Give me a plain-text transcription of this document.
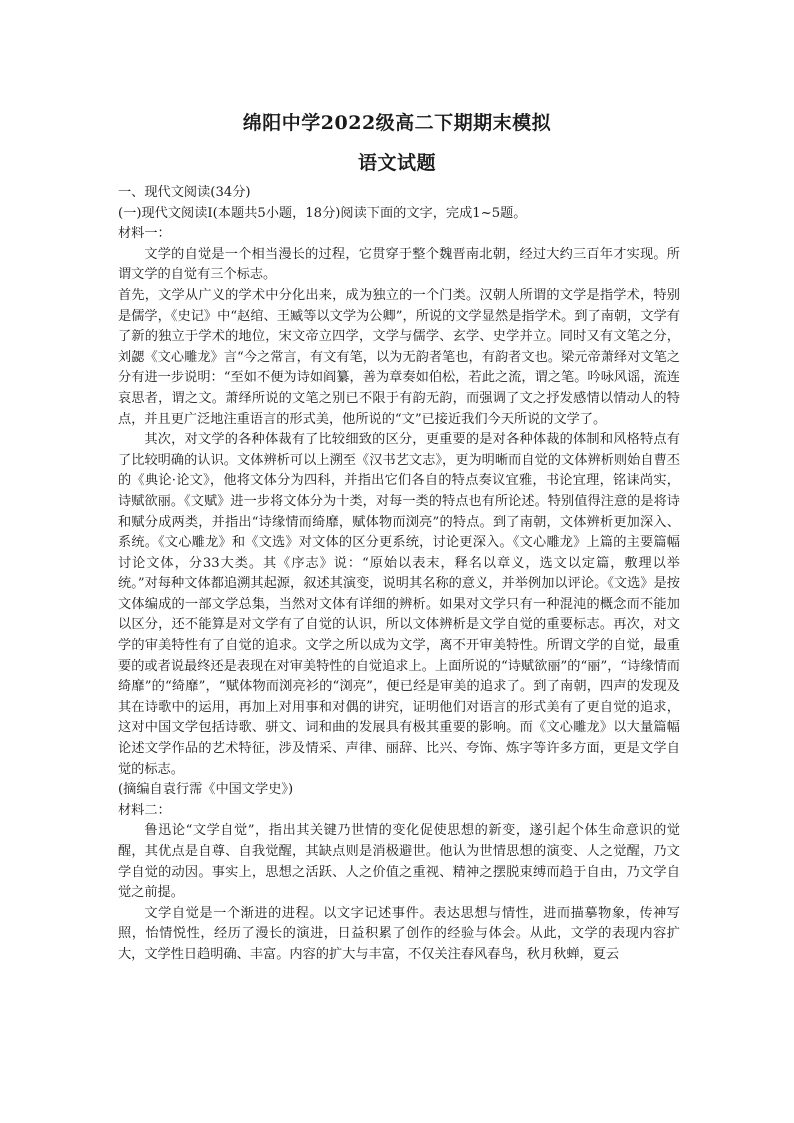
绵阳中学2022级高二下期期末模拟
语文试题

一、现代文阅读(34分)

(一)现代文阅读Ⅰ(本题共5小题，18分)阅读下面的文字，完成1~5题。

材料一：

文学的自觉是一个相当漫长的过程，它贯穿于整个魏晋南北朝，经过大约三百年才实现。所谓文学的自觉有三个标志。

首先，文学从广义的学术中分化出来，成为独立的一个门类。汉朝人所谓的文学是指学术，特别是儒学，《史记》中“赵绾、王臧等以文学为公卿”，所说的文学显然是指学术。到了南朝，文学有了新的独立于学术的地位，宋文帝立四学，文学与儒学、玄学、史学并立。同时又有文笔之分，刘勰《文心雕龙》言“今之常言，有文有笔，以为无韵者笔也，有韵者文也。梁元帝萧绎对文笔之分有进一步说明：“至如不便为诗如阎纂，善为章奏如伯松，若此之流，谓之笔。吟咏风谣，流连哀思者，谓之文。萧绎所说的文笔之别已不限于有韵无韵，而强调了文之抒发感情以情动人的特点，并且更广泛地注重语言的形式美，他所说的“文”已接近我们今天所说的文学了。

其次，对文学的各种体裁有了比较细致的区分，更重要的是对各种体裁的体制和风格特点有了比较明确的认识。文体辨析可以上溯至《汉书艺文志》，更为明晰而自觉的文体辨析则始自曹丕的《典论·论文》，他将文体分为四科，并指出它们各自的特点奏议宜雅，书论宜理，铭诔尚实，诗赋欲丽。《文赋》进一步将文体分为十类，对每一类的特点也有所论述。特别值得注意的是将诗和赋分成两类，并指出“诗缘情而绮靡，赋体物而浏亮”的特点。到了南朝，文体辨析更加深入、系统。《文心雕龙》和《文选》对文体的区分更系统，讨论更深入。《文心雕龙》上篇的主要篇幅讨论文体，分33大类。其《序志》说：“原始以表末，释名以章义，选文以定篇，敷理以举统。”对每种文体都追溯其起源，叙述其演变，说明其名称的意义，并举例加以评论。《文选》是按文体编成的一部文学总集，当然对文体有详细的辨析。如果对文学只有一种混沌的概念而不能加以区分，还不能算是对文学有了自觉的认识，所以文体辨析是文学自觉的重要标志。再次，对文学的审美特性有了自觉的追求。文学之所以成为文学，离不开审美特性。所谓文学的自觉，最重要的或者说最终还是表现在对审美特性的自觉追求上。上面所说的“诗赋欲丽”的“丽”，“诗缘情而绮靡”的“绮靡”，“赋体物而浏亮衫的“浏亮”，便已经是审美的追求了。到了南朝，四声的发现及其在诗歌中的运用，再加上对用事和对偶的讲究，证明他们对语言的形式美有了更自觉的追求，这对中国文学包括诗歌、骈文、词和曲的发展具有极其重要的影响。而《文心雕龙》以大量篇幅论述文学作品的艺术特征，涉及情采、声律、丽辞、比兴、夸饰、炼字等许多方面，更是文学自觉的标志。

(摘编自袁行霈《中国文学史》)

材料二：

鲁迅论“文学自觉”，指出其关键乃世情的变化促使思想的新变，遂引起个体生命意识的觉醒，其优点是自尊、自我觉醒，其缺点则是消极避世。他认为世情思想的演变、人之觉醒，乃文学自觉的动因。事实上，思想之活跃、人之价值之重视、精神之摆脱束缚而趋于自由，乃文学自觉之前提。

文学自觉是一个渐进的进程。以文字记述事件。表达思想与情性，进而描摹物象，传神写照，怡情悦性，经历了漫长的演进，日益积累了创作的经验与体会。从此，文学的表现内容扩大，文学性日趋明确、丰富。内容的扩大与丰富，不仅关注春风春鸟，秋月秋蝉，夏云
